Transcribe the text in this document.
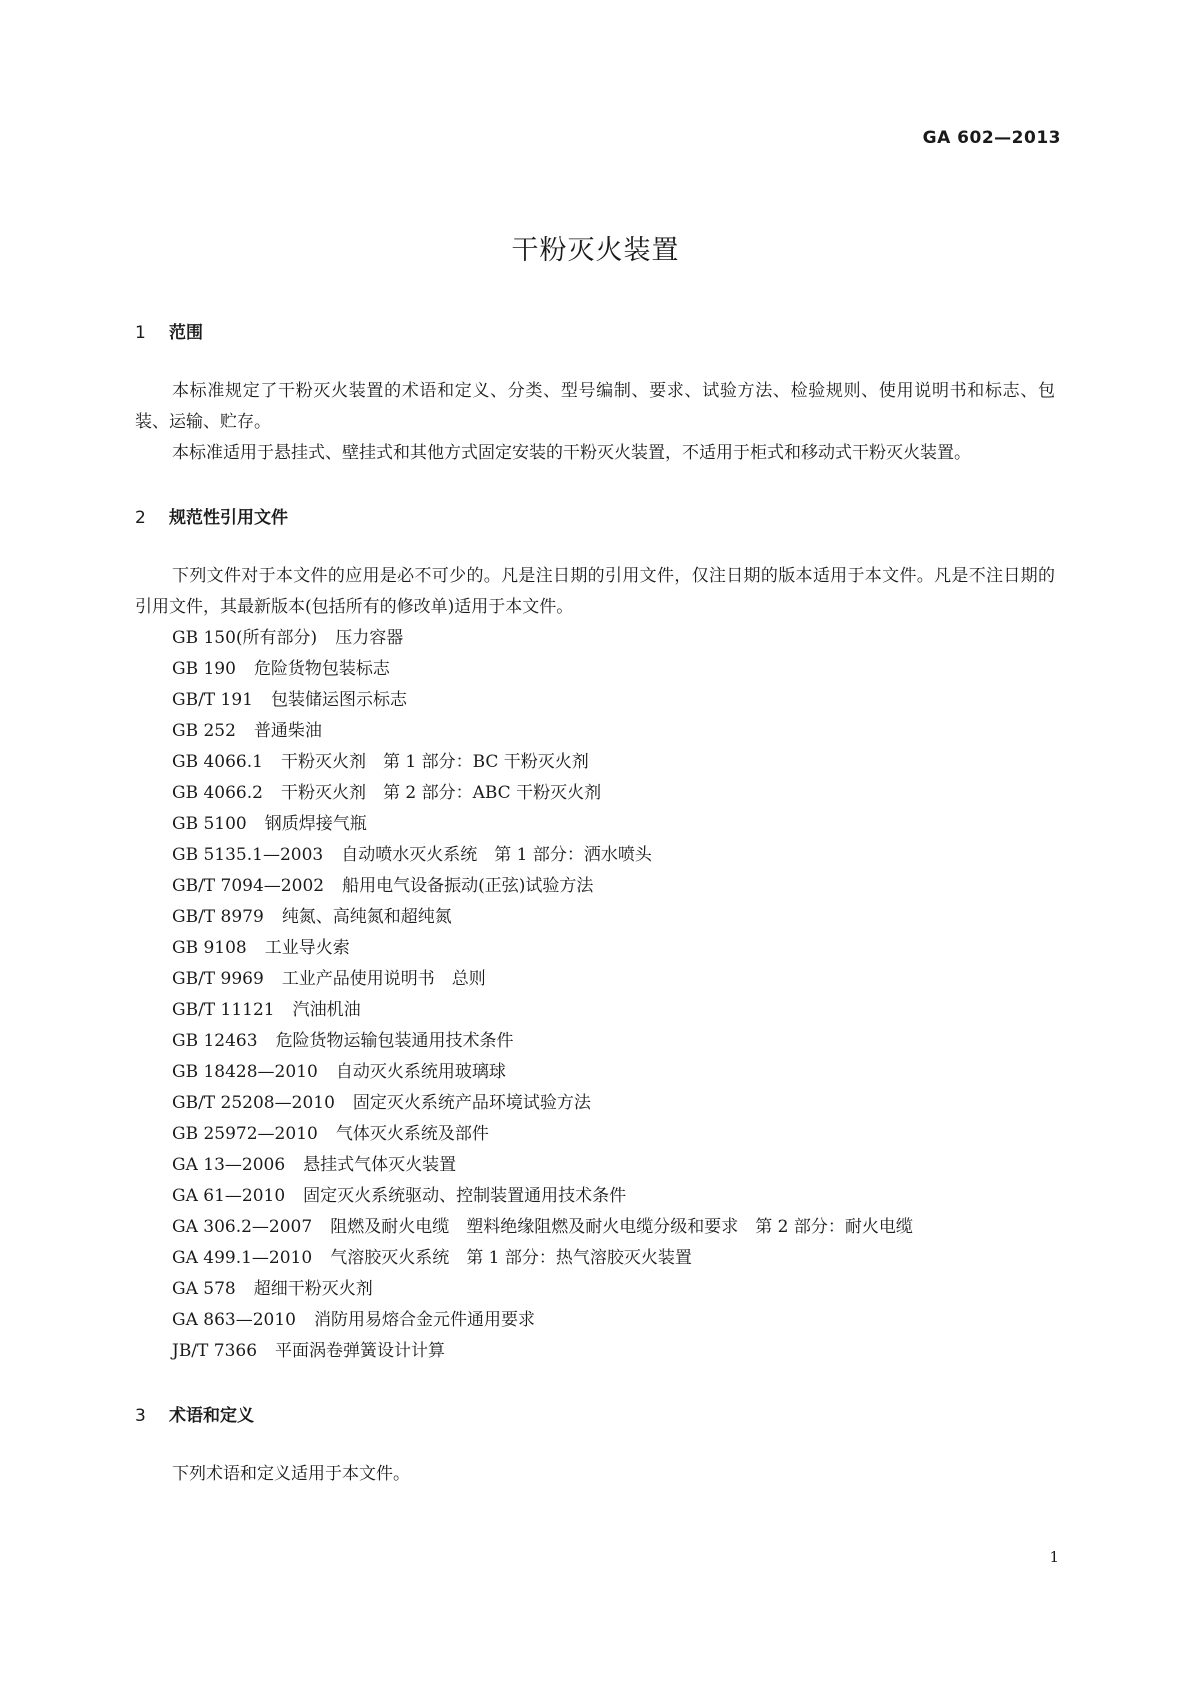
GA 602—2013
干粉灭火装置
1 范围

本标准规定了干粉灭火装置的术语和定义、分类、型号编制、要求、试验方法、检验规则、使用说明书和标志、包装、运输、贮存。

本标准适用于悬挂式、壁挂式和其他方式固定安装的干粉灭火装置，不适用于柜式和移动式干粉灭火装置。

2 规范性引用文件

下列文件对于本文件的应用是必不可少的。凡是注日期的引用文件，仅注日期的版本适用于本文件。凡是不注日期的引用文件，其最新版本(包括所有的修改单)适用于本文件。

GB 150(所有部分) 压力容器
GB 190 危险货物包装标志
GB/T 191 包装储运图示标志
GB 252 普通柴油
GB 4066.1 干粉灭火剂　第 1 部分：BC 干粉灭火剂
GB 4066.2 干粉灭火剂　第 2 部分：ABC 干粉灭火剂
GB 5100 钢质焊接气瓶
GB 5135.1—2003 自动喷水灭火系统　第 1 部分：洒水喷头
GB/T 7094—2002 船用电气设备振动(正弦)试验方法
GB/T 8979 纯氮、高纯氮和超纯氮
GB 9108 工业导火索
GB/T 9969 工业产品使用说明书　总则
GB/T 11121 汽油机油
GB 12463 危险货物运输包装通用技术条件
GB 18428—2010 自动灭火系统用玻璃球
GB/T 25208—2010 固定灭火系统产品环境试验方法
GB 25972—2010 气体灭火系统及部件
GA 13—2006 悬挂式气体灭火装置
GA 61—2010 固定灭火系统驱动、控制装置通用技术条件
GA 306.2—2007 阻燃及耐火电缆　塑料绝缘阻燃及耐火电缆分级和要求　第 2 部分：耐火电缆
GA 499.1—2010 气溶胶灭火系统　第 1 部分：热气溶胶灭火装置
GA 578 超细干粉灭火剂
GA 863—2010 消防用易熔合金元件通用要求
JB/T 7366 平面涡卷弹簧设计计算
3 术语和定义

下列术语和定义适用于本文件。

1
